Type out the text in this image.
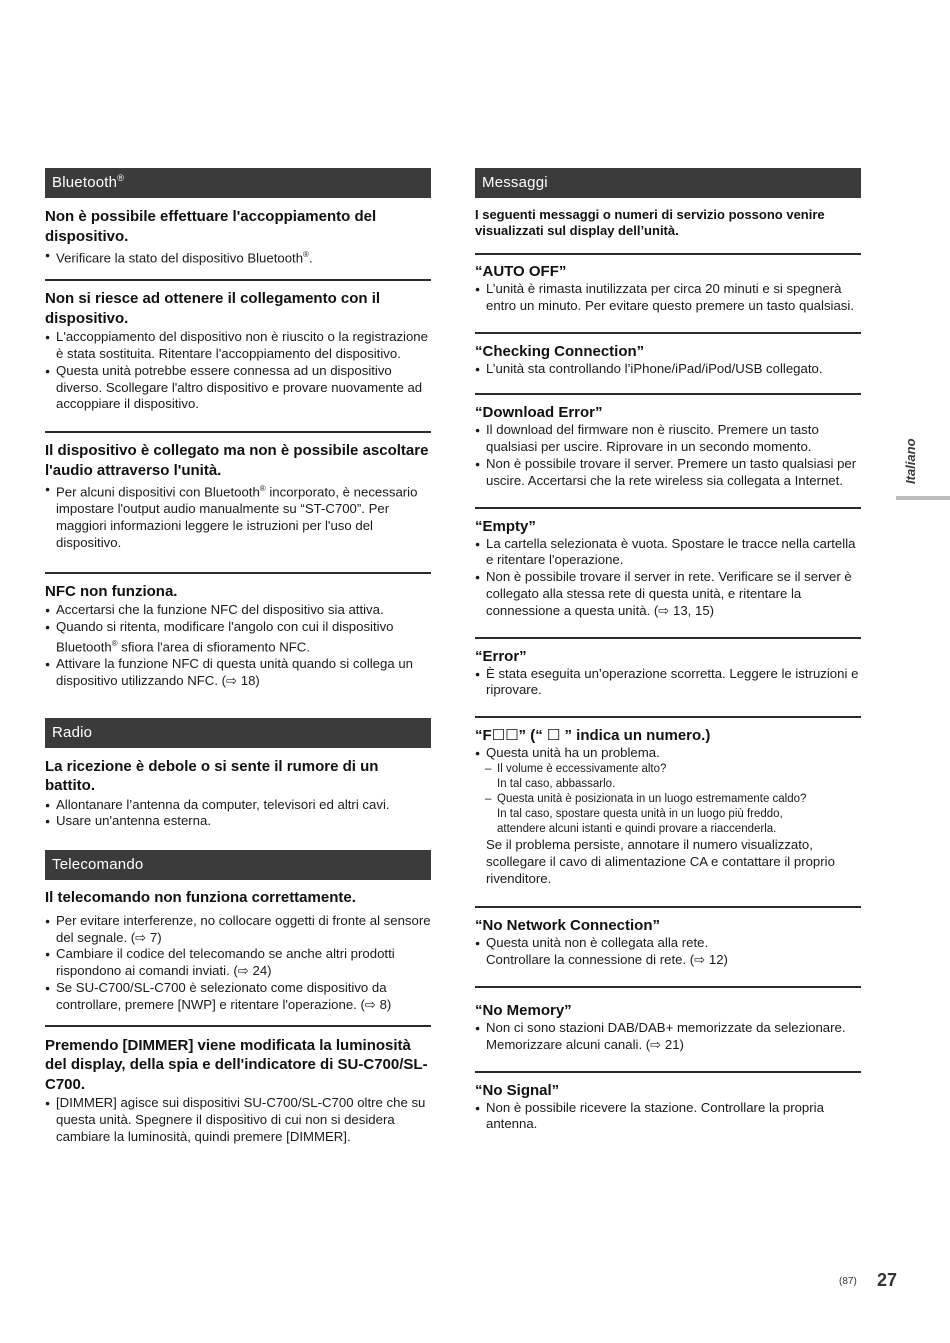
Bluetooth®
Non è possibile effettuare l'accoppiamento del dispositivo.
● Verificare la stato del dispositivo Bluetooth®.
Non si riesce ad ottenere il collegamento con il dispositivo.
● L'accoppiamento del dispositivo non è riuscito o la registrazione è stata sostituita. Ritentare l'accoppiamento del dispositivo.
● Questa unità potrebbe essere connessa ad un dispositivo diverso. Scollegare l'altro dispositivo e provare nuovamente ad accoppiare il dispositivo.
Il dispositivo è collegato ma non è possibile ascoltare l'audio attraverso l'unità.
● Per alcuni dispositivi con Bluetooth® incorporato, è necessario impostare l'output audio manualmente su “ST-C700”. Per maggiori informazioni leggere le istruzioni per l'uso del dispositivo.
NFC non funziona.
● Accertarsi che la funzione NFC del dispositivo sia attiva.
● Quando si ritenta, modificare l'angolo con cui il dispositivo Bluetooth® sfiora l'area di sfioramento NFC.
● Attivare la funzione NFC di questa unità quando si collega un dispositivo utilizzando NFC. (⇨ 18)
Radio
La ricezione è debole o si sente il rumore di un battito.
● Allontanare l’antenna da computer, televisori ed altri cavi.
● Usare un'antenna esterna.
Telecomando
Il telecomando non funziona correttamente.
● Per evitare interferenze, no collocare oggetti di fronte al sensore del segnale. (⇨ 7)
● Cambiare il codice del telecomando se anche altri prodotti rispondono ai comandi inviati. (⇨ 24)
● Se SU-C700/SL-C700 è selezionato come dispositivo da controllare, premere [NWP] e ritentare l'operazione. (⇨ 8)
Premendo [DIMMER] viene modificata la luminosità del display, della spia e dell'indicatore di SU-C700/SL-C700.
● [DIMMER] agisce sui dispositivi SU-C700/SL-C700 oltre che su questa unità. Spegnere il dispositivo di cui non si desidera cambiare la luminosità, quindi premere [DIMMER].
Messaggi
I seguenti messaggi o numeri di servizio possono venire visualizzati sul display dell’unità.
“AUTO OFF”
● L’unità è rimasta inutilizzata per circa 20 minuti e si spegnerà entro un minuto. Per evitare questo premere un tasto qualsiasi.
“Checking Connection”
● L’unità sta controllando l’iPhone/iPad/iPod/USB collegato.
“Download Error”
● Il download del firmware non è riuscito. Premere un tasto qualsiasi per uscire. Riprovare in un secondo momento.
● Non è possibile trovare il server. Premere un tasto qualsiasi per uscire. Accertarsi che la rete wireless sia collegata a Internet.
“Empty”
● La cartella selezionata è vuota. Spostare le tracce nella cartella e ritentare l'operazione.
● Non è possibile trovare il server in rete. Verificare se il server è collegato alla stessa rete di questa unità, e ritentare la connessione a questa unità. (⇨ 13, 15)
“Error”
● È stata eseguita un’operazione scorretta. Leggere le istruzioni e riprovare.
“F☐☐” (“ ☐ ” indica un numero.)
● Questa unità ha un problema.
– Il volume è eccessivamente alto?
In tal caso, abbassarlo.
– Questa unità è posizionata in un luogo estremamente caldo?
In tal caso, spostare questa unità in un luogo più freddo,
attendere alcuni istanti e quindi provare a riaccenderla.
Se il problema persiste, annotare il numero visualizzato, scollegare il cavo di alimentazione CA e contattare il proprio rivenditore.
“No Network Connection”
● Questa unità non è collegata alla rete.
Controllare la connessione di rete. (⇨ 12)
“No Memory”
● Non ci sono stazioni DAB/DAB+ memorizzate da selezionare. Memorizzare alcuni canali. (⇨ 21)
“No Signal”
● Non è possibile ricevere la stazione. Controllare la propria antenna.
Italiano
(87) 27
